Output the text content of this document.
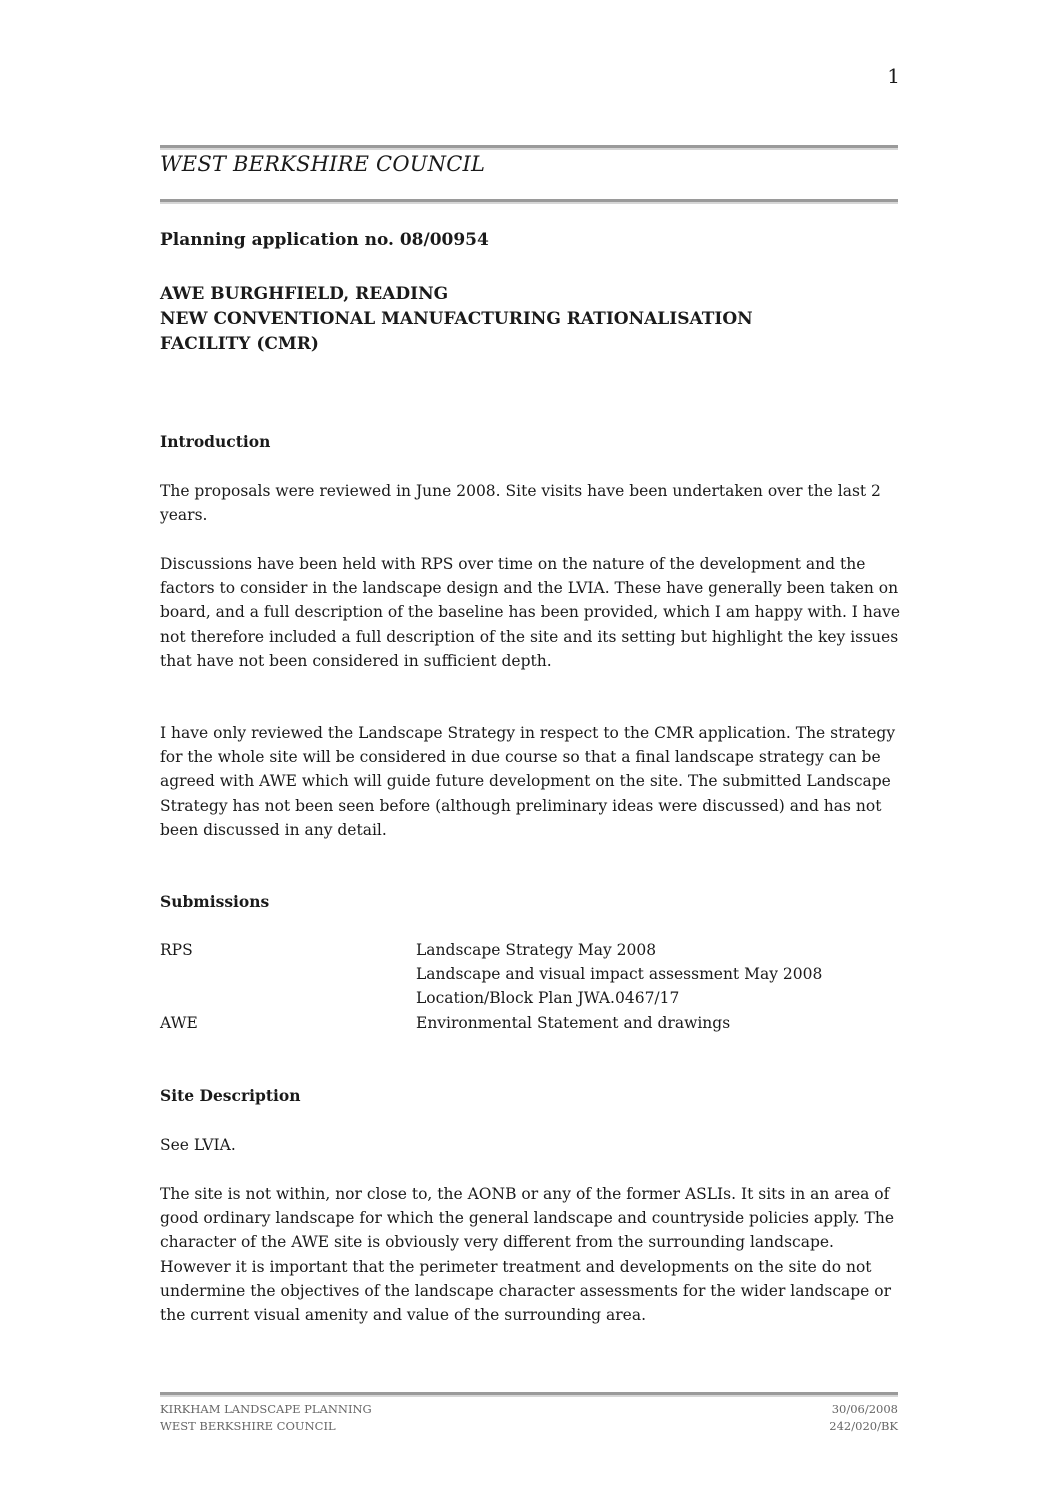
1
WEST BERKSHIRE COUNCIL
Planning application no. 08/00954
AWE BURGHFIELD, READING
NEW CONVENTIONAL MANUFACTURING RATIONALISATION
FACILITY (CMR)
Introduction

The proposals were reviewed in June 2008. Site visits have been undertaken over the last 2 years.

Discussions have been held with RPS over time on the nature of the development and the factors to consider in the landscape design and the LVIA. These have generally been taken on board, and a full description of the baseline has been provided, which I am happy with. I have not therefore included a full description of the site and its setting but highlight the key issues that have not been considered in sufficient depth.

I have only reviewed the Landscape Strategy in respect to the CMR application. The strategy for the whole site will be considered in due course so that a final landscape strategy can be agreed with AWE which will guide future development on the site. The submitted Landscape Strategy has not been seen before (although preliminary ideas were discussed) and has not been discussed in any detail.

Submissions
RPS	Landscape Strategy May 2008
Landscape and visual impact assessment May 2008
Location/Block Plan JWA.0467/17
AWE	Environmental Statement and drawings
Site Description

See LVIA.

The site is not within, nor close to, the AONB or any of the former ASLIs. It sits in an area of good ordinary landscape for which the general landscape and countryside policies apply. The character of the AWE site is obviously very different from the surrounding landscape. However it is important that the perimeter treatment and developments on the site do not undermine the objectives of the landscape character assessments for the wider landscape or the current visual amenity and value of the surrounding area.

KIRKHAM LANDSCAPE PLANNING
WEST BERKSHIRE COUNCIL
30/06/2008
242/020/BK
